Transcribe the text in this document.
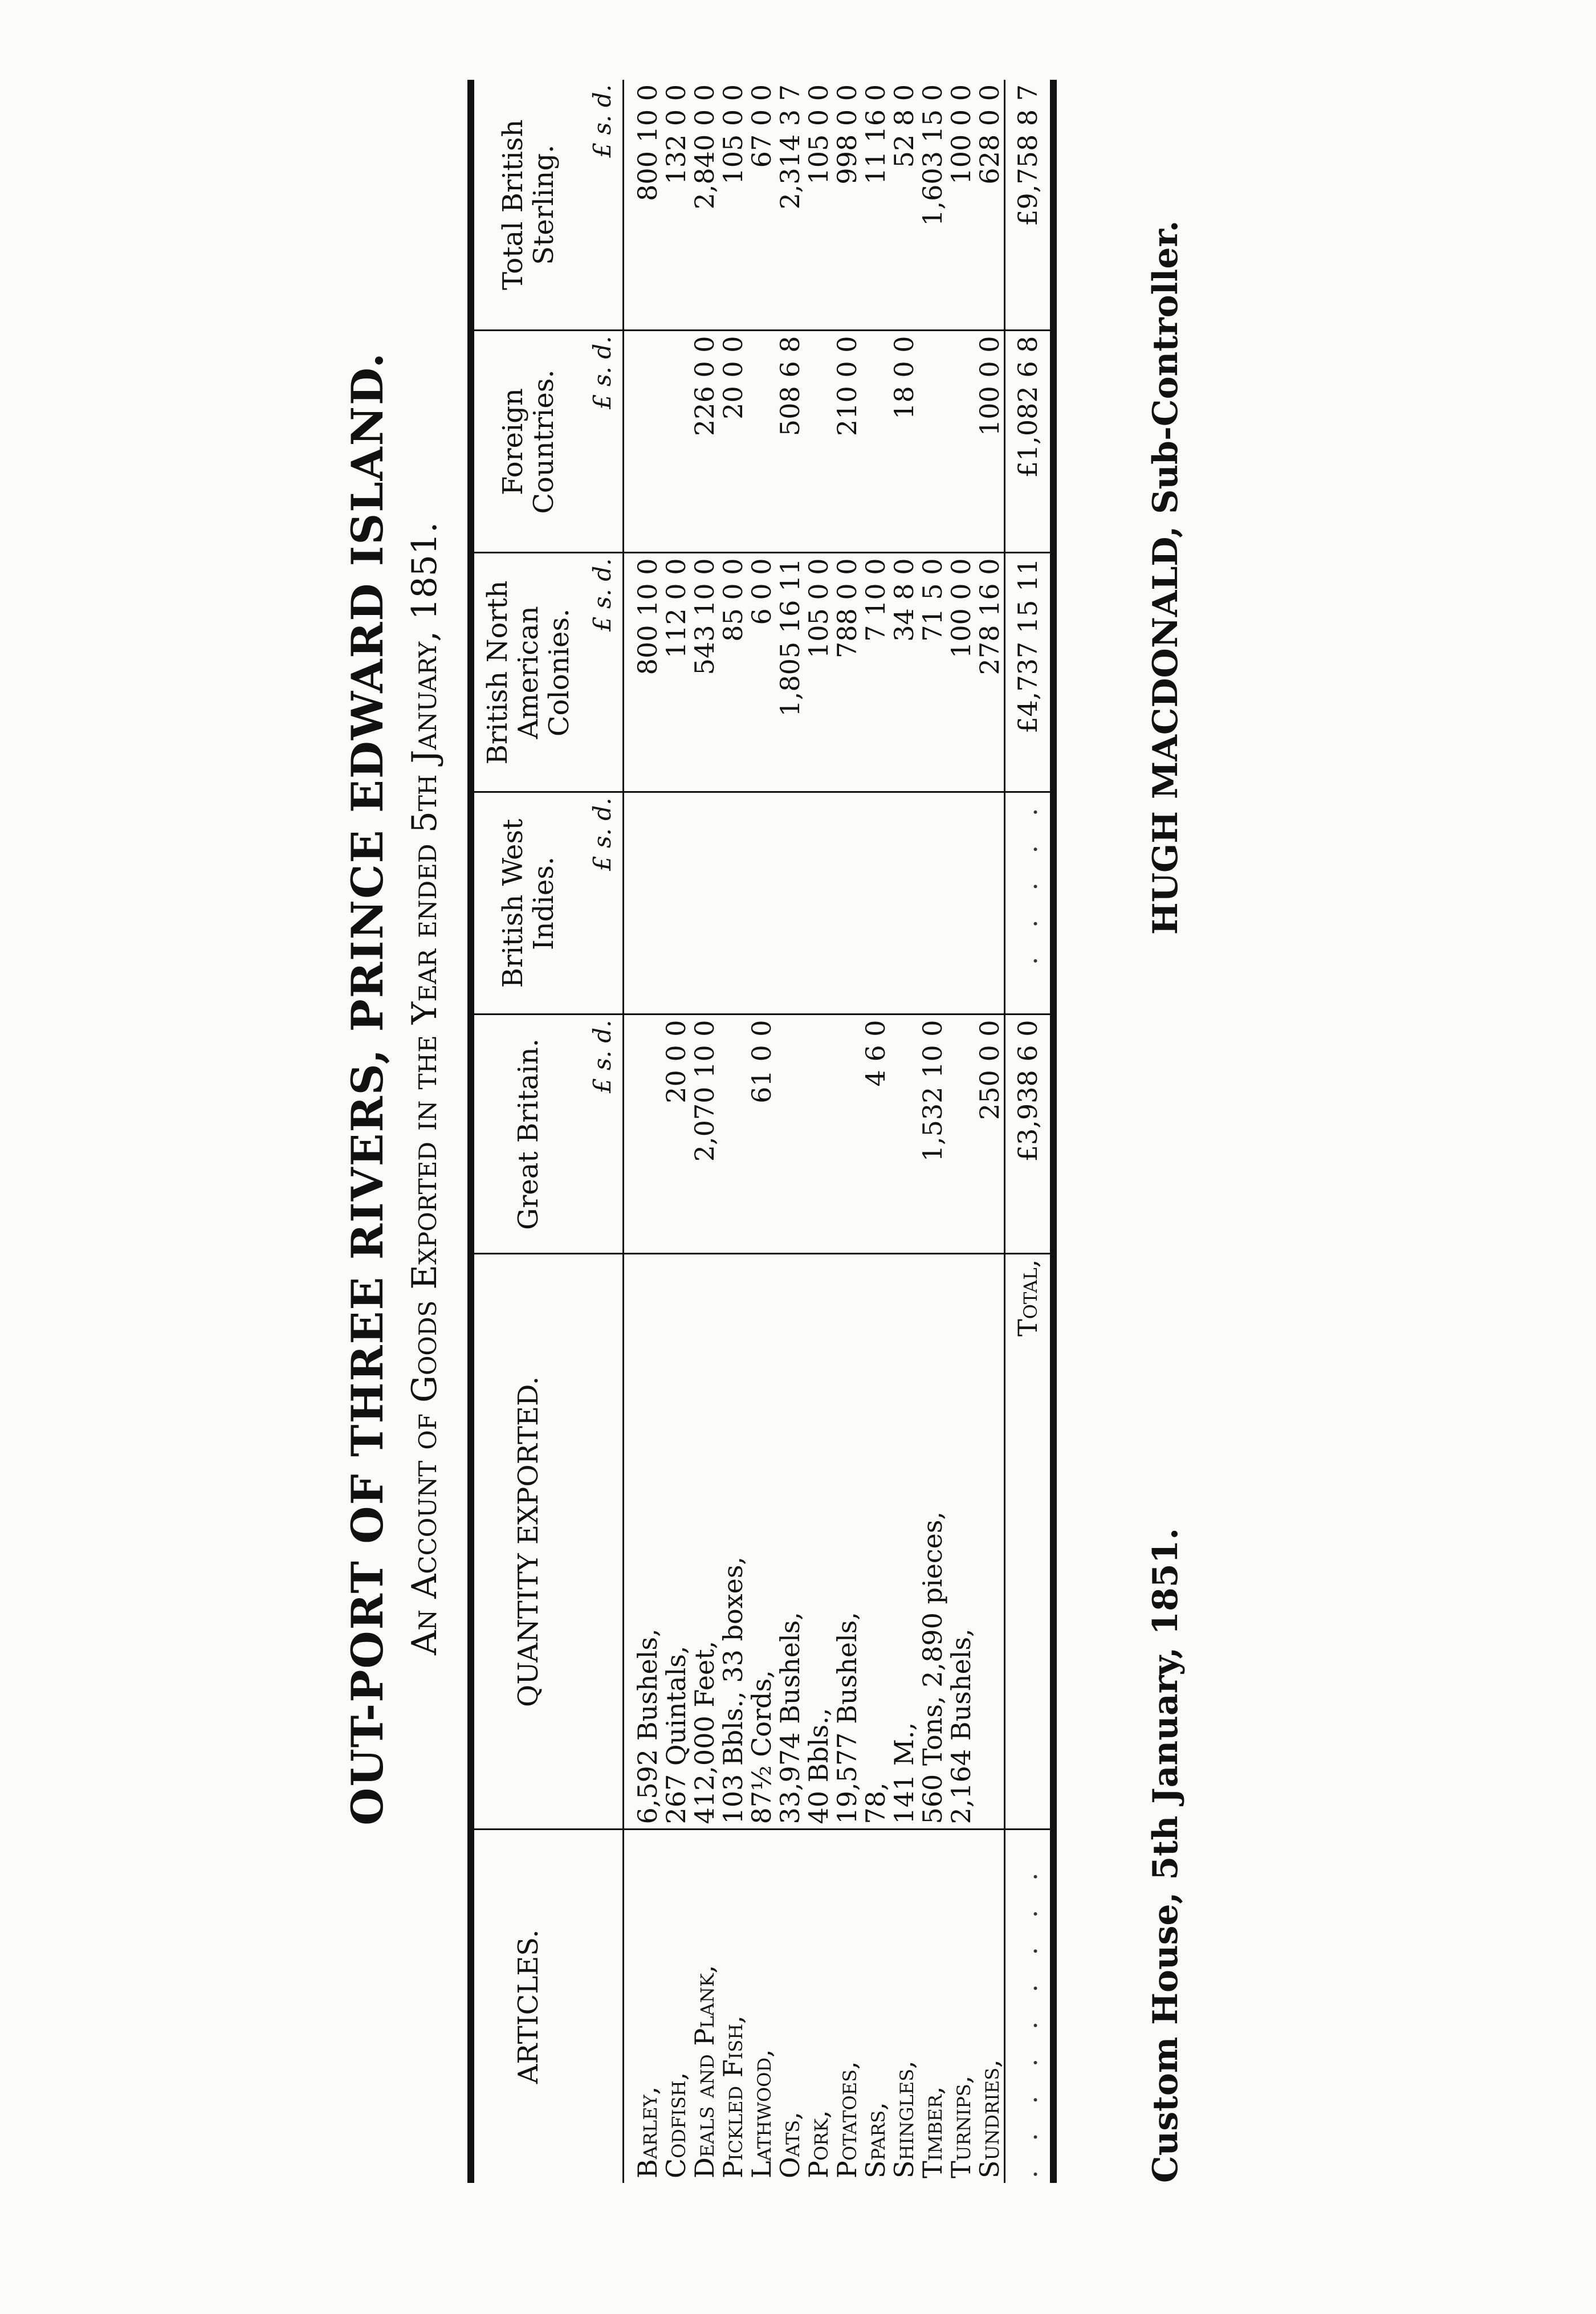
OUT-PORT OF THREE RIVERS, PRINCE EDWARD ISLAND. An Account of Goods Exported in the Year ended 5th January, 1851.
ARTICLES.	QUANTITY EXPORTED.	Great Britain.	British West Indies.	British North American Colonies.	Foreign Countries.	Total British Sterling.
		£ s. d.	£ s. d.	£ s. d.	£ s. d.	£ s. d.
Barley,	6,592 Bushels,			800 10 0		800 10 0
Codfish,	267 Quintals,	20 0 0		112 0 0		132 0 0
Deals and Plank,	412,000 Feet,	2,070 10 0		543 10 0	226 0 0	2,840 0 0
Pickled Fish,	103 Bbls., 33 boxes,			85 0 0	20 0 0	105 0 0
Lathwood,	87½ Cords,	61 0 0		6 0 0		67 0 0
Oats,	33,974 Bushels,			1,805 16 11	508 6 8	2,314 3 7
Pork,	40 Bbls.,			105 0 0		105 0 0
Potatoes,	19,577 Bushels,			788 0 0	210 0 0	998 0 0
Spars,	78,	4 6 0		7 10 0		11 16 0
Shingles,	141 M.,			34 8 0	18 0 0	52 8 0
Timber,	560 Tons, 2,890 pieces,	1,532 10 0		71 5 0		1,603 15 0
Turnips,	2,164 Bushels,			100 0 0		100 0 0
Sundries,		250 0 0		278 16 0	100 0 0	628 0 0
. . . . . . . . .	Total,	£3,938 6 0	. . . . .	£4,737 15 11	£1,082 6 8	£9,758 8 7
Custom House, 5th January, 1851.
HUGH MACDONALD, Sub-Controller.
